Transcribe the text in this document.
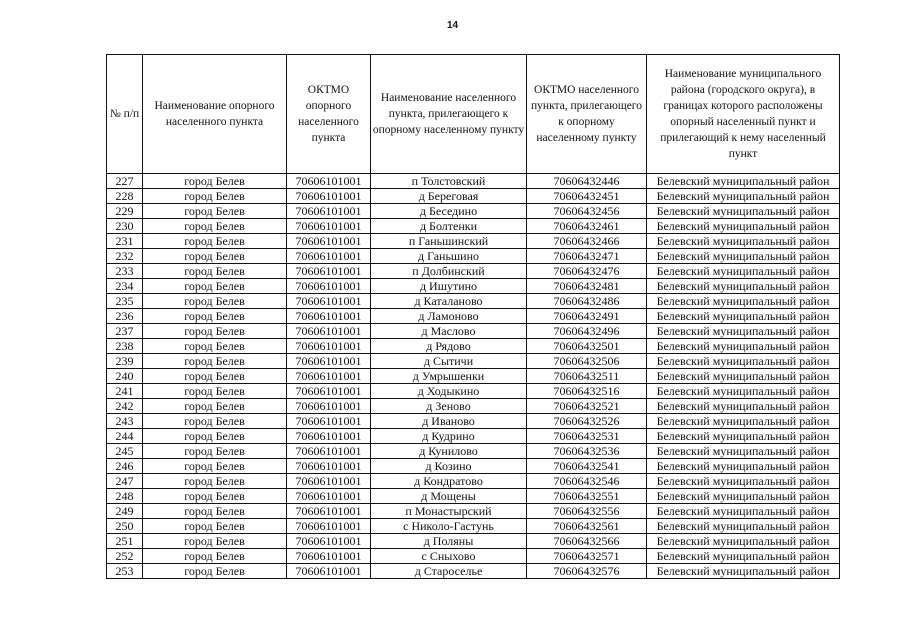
14
№ п/п	Наименование опорного населенного пункта	ОКТМО опорного населенного пункта	Наименование населенного пункта, прилегающего к опорному населенному пункту	ОКТМО населенного пункта, прилегающего к опорному населенному пункту	Наименование муниципального района (городского округа), в границах которого расположены опорный населенный пункт и прилегающий к нему населенный пункт
227	город Белев	70606101001	п Толстовский	70606432446	Белевский муниципальный район
228	город Белев	70606101001	д Береговая	70606432451	Белевский муниципальный район
229	город Белев	70606101001	д Беседино	70606432456	Белевский муниципальный район
230	город Белев	70606101001	д Болтенки	70606432461	Белевский муниципальный район
231	город Белев	70606101001	п Ганьшинский	70606432466	Белевский муниципальный район
232	город Белев	70606101001	д Ганьшино	70606432471	Белевский муниципальный район
233	город Белев	70606101001	п Долбинский	70606432476	Белевский муниципальный район
234	город Белев	70606101001	д Ишутино	70606432481	Белевский муниципальный район
235	город Белев	70606101001	д Каталаново	70606432486	Белевский муниципальный район
236	город Белев	70606101001	д Ламоново	70606432491	Белевский муниципальный район
237	город Белев	70606101001	д Маслово	70606432496	Белевский муниципальный район
238	город Белев	70606101001	д Рядово	70606432501	Белевский муниципальный район
239	город Белев	70606101001	д Сытичи	70606432506	Белевский муниципальный район
240	город Белев	70606101001	д Умрышенки	70606432511	Белевский муниципальный район
241	город Белев	70606101001	д Ходыкино	70606432516	Белевский муниципальный район
242	город Белев	70606101001	д Зеново	70606432521	Белевский муниципальный район
243	город Белев	70606101001	д Иваново	70606432526	Белевский муниципальный район
244	город Белев	70606101001	д Кудрино	70606432531	Белевский муниципальный район
245	город Белев	70606101001	д Кунилово	70606432536	Белевский муниципальный район
246	город Белев	70606101001	д Козино	70606432541	Белевский муниципальный район
247	город Белев	70606101001	д Кондратово	70606432546	Белевский муниципальный район
248	город Белев	70606101001	д Мощены	70606432551	Белевский муниципальный район
249	город Белев	70606101001	п Монастырский	70606432556	Белевский муниципальный район
250	город Белев	70606101001	с Николо-Гастунь	70606432561	Белевский муниципальный район
251	город Белев	70606101001	д Поляны	70606432566	Белевский муниципальный район
252	город Белев	70606101001	с Сныхово	70606432571	Белевский муниципальный район
253	город Белев	70606101001	д Староселье	70606432576	Белевский муниципальный район
